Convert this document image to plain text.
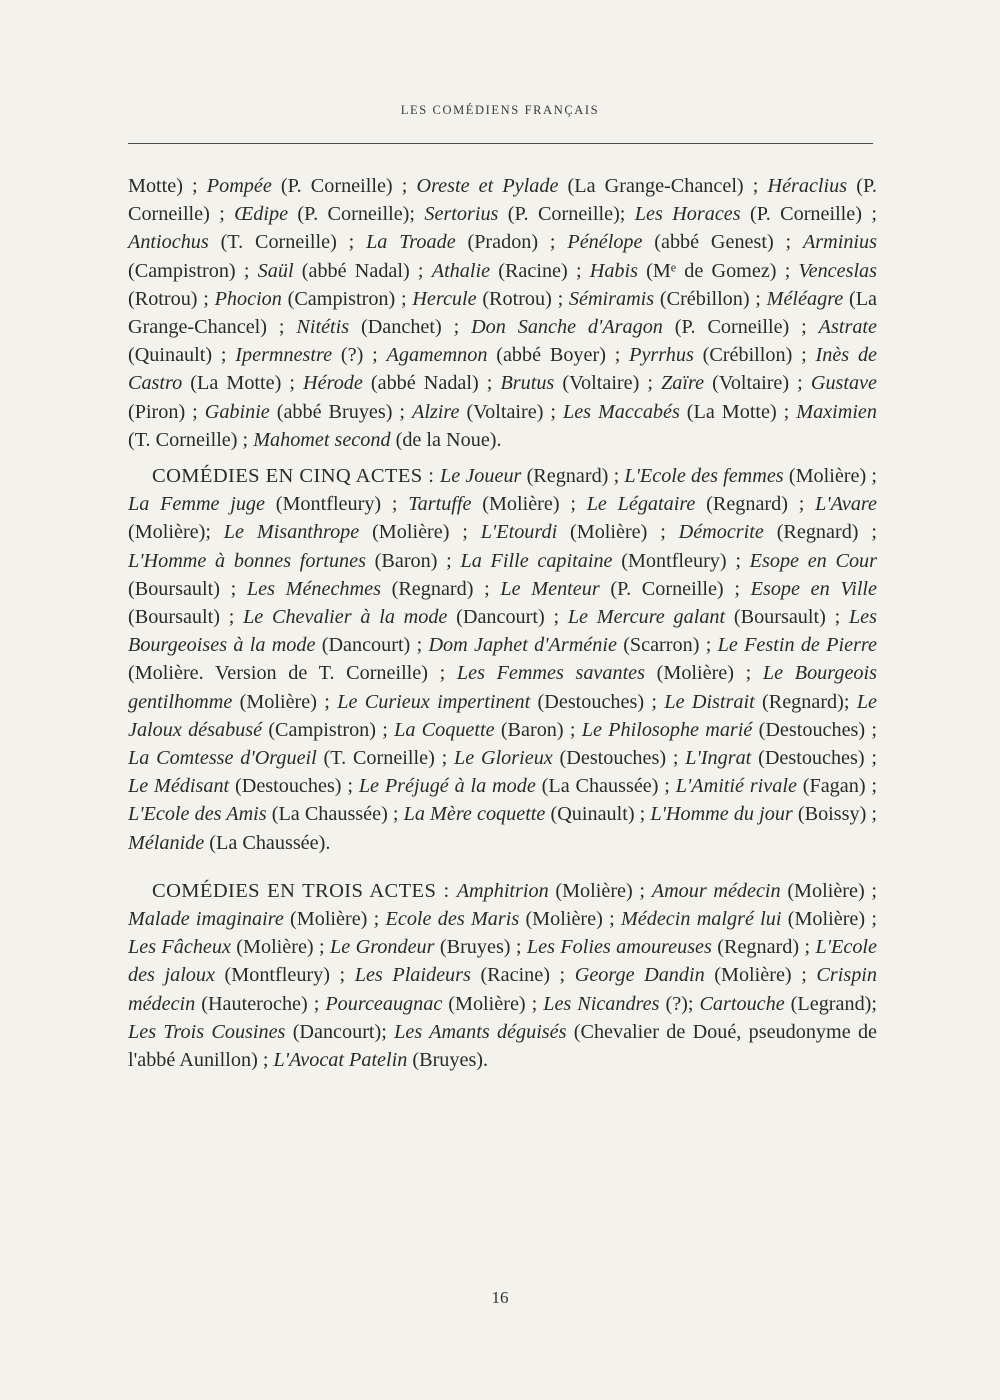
LES COMÉDIENS FRANÇAIS

Motte) ; Pompée (P. Corneille) ; Oreste et Pylade (La Grange-Chancel) ; Héraclius (P. Corneille) ; Œdipe (P. Corneille); Sertorius (P. Corneille); Les Horaces (P. Corneille) ; Antiochus (T. Corneille) ; La Troade (Pradon) ; Pénélope (abbé Genest) ; Arminius (Campistron) ; Saül (abbé Nadal) ; Athalie (Racine) ; Habis (Mᵉ de Gomez) ; Venceslas (Rotrou) ; Phocion (Campistron) ; Hercule (Rotrou) ; Sémiramis (Crébillon) ; Méléagre (La Grange-Chancel) ; Nitétis (Danchet) ; Don Sanche d'Aragon (P. Corneille) ; Astrate (Quinault) ; Ipermnestre (?) ; Agamemnon (abbé Boyer) ; Pyrrhus (Crébillon) ; Inès de Castro (La Motte) ; Hérode (abbé Nadal) ; Brutus (Voltaire) ; Zaïre (Voltaire) ; Gustave (Piron) ; Gabinie (abbé Bruyes) ; Alzire (Voltaire) ; Les Maccabés (La Motte) ; Maximien (T. Corneille) ; Mahomet second (de la Noue).

COMÉDIES EN CINQ ACTES : Le Joueur (Regnard) ; L'Ecole des femmes (Molière) ; La Femme juge (Montfleury) ; Tartuffe (Molière) ; Le Légataire (Regnard) ; L'Avare (Molière); Le Misanthrope (Molière) ; L'Etourdi (Molière) ; Démocrite (Regnard) ; L'Homme à bonnes fortunes (Baron) ; La Fille capitaine (Montfleury) ; Esope en Cour (Boursault) ; Les Ménechmes (Regnard) ; Le Menteur (P. Corneille) ; Esope en Ville (Boursault) ; Le Chevalier à la mode (Dancourt) ; Le Mercure galant (Boursault) ; Les Bourgeoises à la mode (Dancourt) ; Dom Japhet d'Arménie (Scarron) ; Le Festin de Pierre (Molière. Version de T. Corneille) ; Les Femmes savantes (Molière) ; Le Bourgeois gentilhomme (Molière) ; Le Curieux impertinent (Destouches) ; Le Distrait (Regnard); Le Jaloux désabusé (Campistron) ; La Coquette (Baron) ; Le Philosophe marié (Destouches) ; La Comtesse d'Orgueil (T. Corneille) ; Le Glorieux (Destouches) ; L'Ingrat (Destouches) ; Le Médisant (Destouches) ; Le Préjugé à la mode (La Chaussée) ; L'Amitié rivale (Fagan) ; L'Ecole des Amis (La Chaussée) ; La Mère coquette (Quinault) ; L'Homme du jour (Boissy) ; Mélanide (La Chaussée).

COMÉDIES EN TROIS ACTES : Amphitrion (Molière) ; Amour médecin (Molière) ; Malade imaginaire (Molière) ; Ecole des Maris (Molière) ; Médecin malgré lui (Molière) ; Les Fâcheux (Molière) ; Le Grondeur (Bruyes) ; Les Folies amoureuses (Regnard) ; L'Ecole des jaloux (Montfleury) ; Les Plaideurs (Racine) ; George Dandin (Molière) ; Crispin médecin (Hauteroche) ; Pourceaugnac (Molière) ; Les Nicandres (?); Cartouche (Legrand); Les Trois Cousines (Dancourt); Les Amants déguisés (Chevalier de Doué, pseudonyme de l'abbé Aunillon) ; L'Avocat Patelin (Bruyes).

16
